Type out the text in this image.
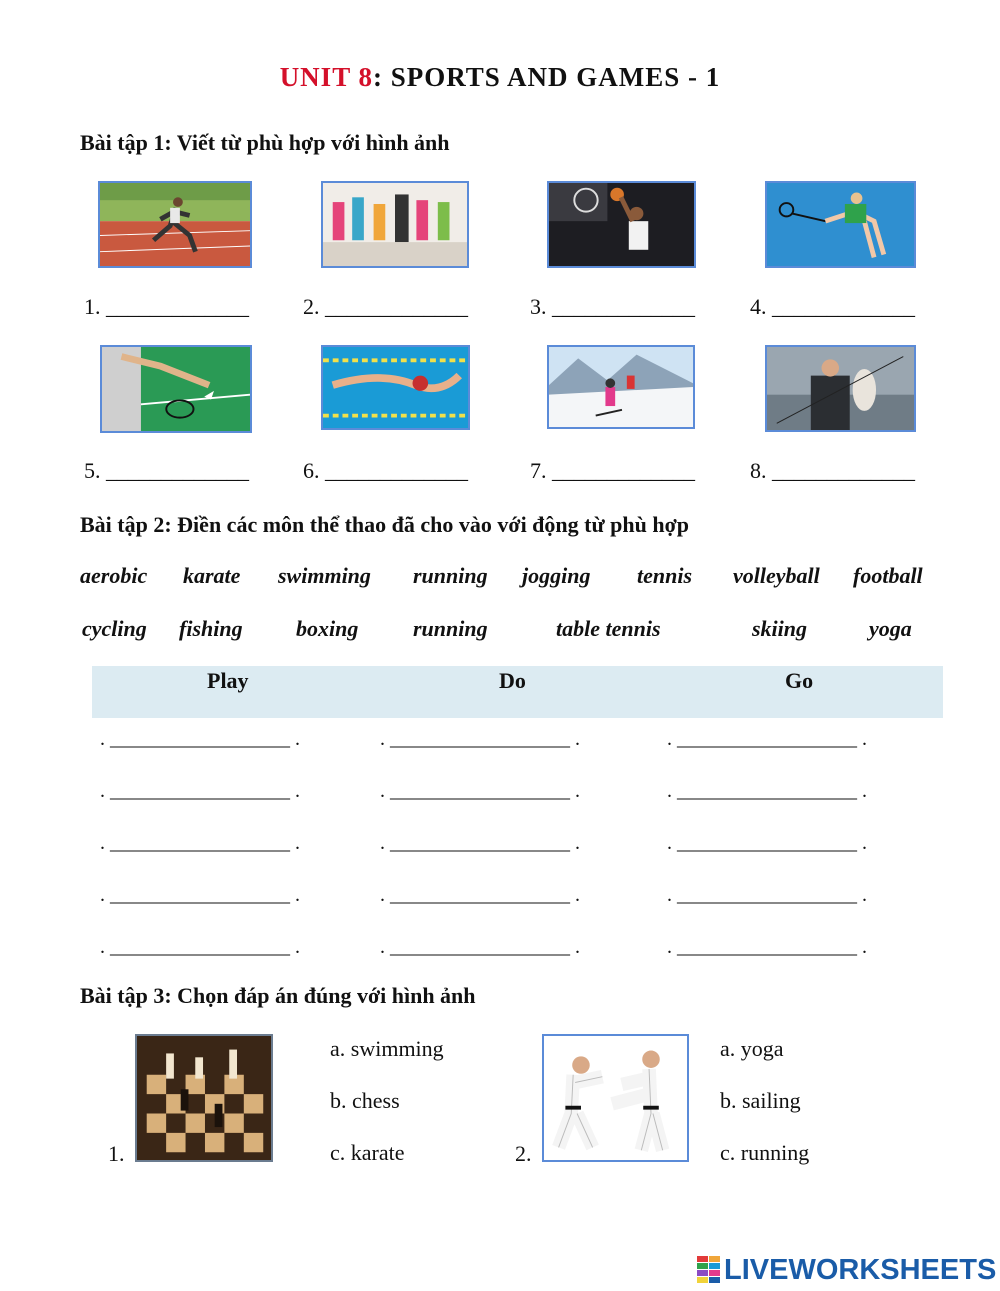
UNIT 8: SPORTS AND GAMES - 1
Bài tập 1: Viết từ phù hợp với hình ảnh
1. _____________ 2. _____________	3. _____________	4. _____________
5. _____________ 6. _____________	7. _____________	8. _____________
Bài tập 2: Điền các môn thể thao đã cho vào với động từ phù hợp
aerobic karate swimming running jogging tennis volleyball football
cycling fishing boxing running	table tennis	skiing	yoga
Play	Do	Go
. __________________ .	. __________________ .	. __________________ .
. __________________ .	. __________________ .	. __________________ .
. __________________ .	. __________________ .	. __________________ .
. __________________ .	. __________________ .	. __________________ .
. __________________ .	. __________________ .	. __________________ .
Bài tập 3: Chọn đáp án đúng với hình ảnh
1.
a. swimming
b. chess
c. karate	2.
a. yoga
b. sailing
c. running
LIVEWORKSHEETS
